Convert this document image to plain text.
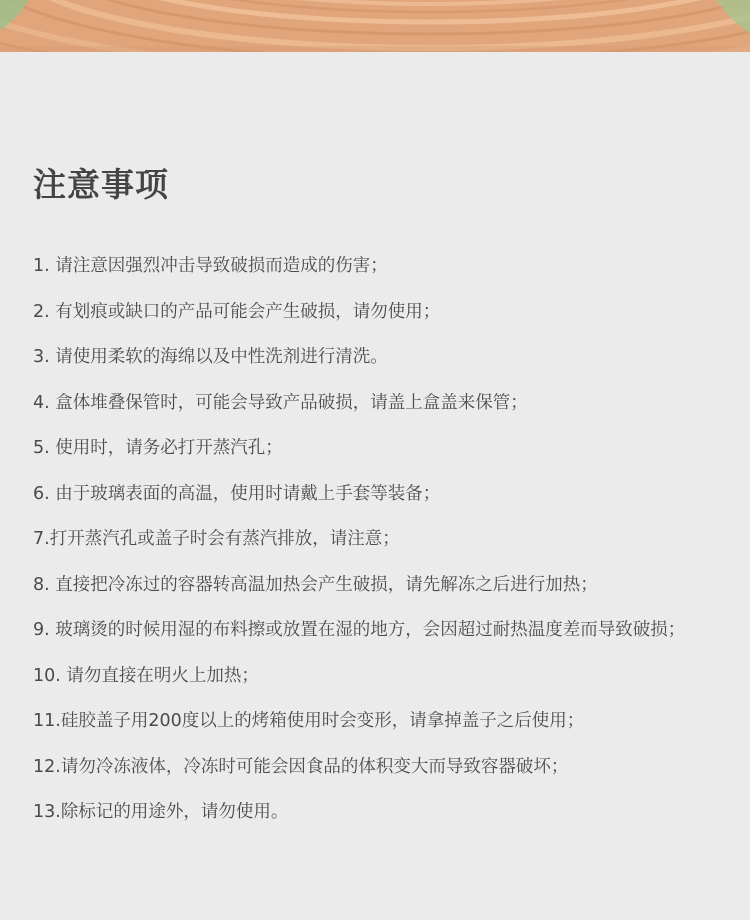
注意事项
1. 请注意因强烈冲击导致破损而造成的伤害；
2. 有划痕或缺口的产品可能会产生破损，请勿使用；
3. 请使用柔软的海绵以及中性洗剂进行清洗。
4. 盒体堆叠保管时，可能会导致产品破损，请盖上盒盖来保管；
5. 使用时，请务必打开蒸汽孔；
6. 由于玻璃表面的高温，使用时请戴上手套等装备；
7.打开蒸汽孔或盖子时会有蒸汽排放，请注意；
8. 直接把冷冻过的容器转高温加热会产生破损，请先解冻之后进行加热；
9. 玻璃烫的时候用湿的布料擦或放置在湿的地方，会因超过耐热温度差而导致破损；
10. 请勿直接在明火上加热；
11.硅胶盖子用200度以上的烤箱使用时会变形，请拿掉盖子之后使用；
12.请勿冷冻液体，冷冻时可能会因食品的体积变大而导致容器破坏；
13.除标记的用途外，请勿使用。
